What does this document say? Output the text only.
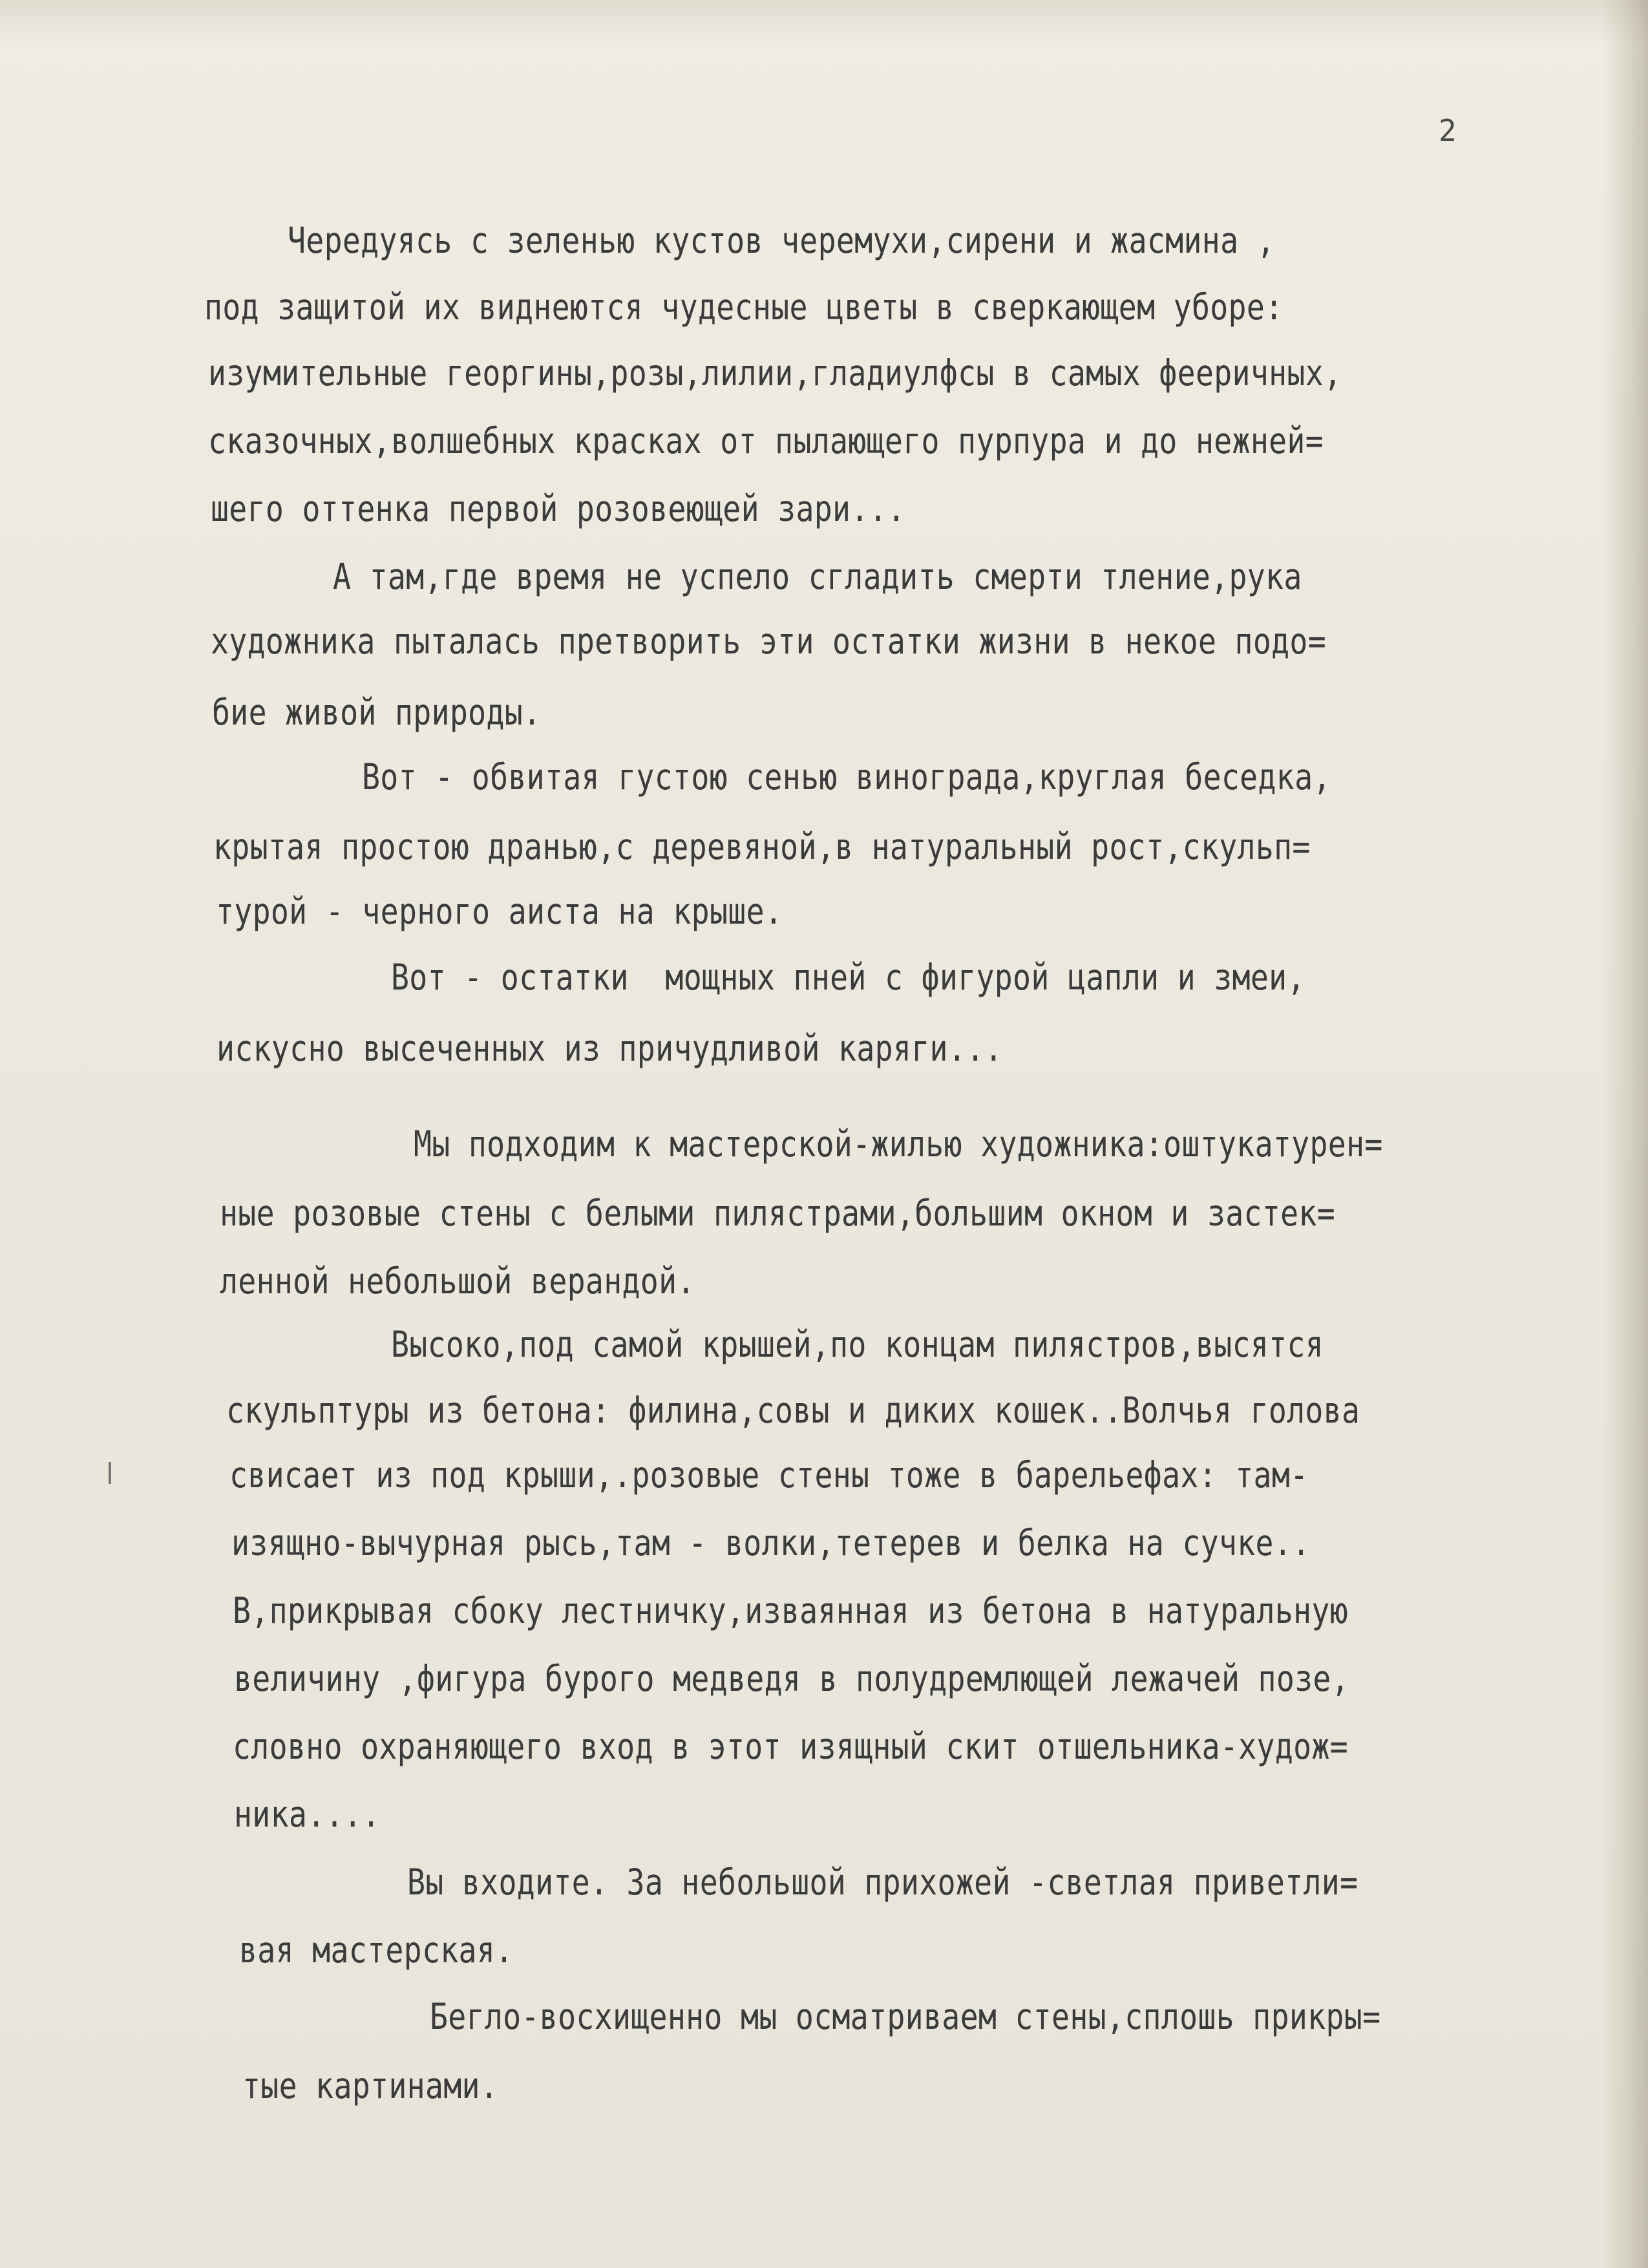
2
Чередуясь с зеленью кустов черемухи,сирени и жасмина ,
под защитой их виднеются чудесные цветы в сверкающем уборе:
изумительные георгины,розы,лилии,гладиулфсы в самых фееричных,
сказочных,волшебных красках от пылающего пурпура и до нежней=
шего оттенка первой розовеющей зари...
А там,где время не успело сгладить смерти тление,рука
художника пыталась претворить эти остатки жизни в некое подо=
бие живой природы.
Вот - обвитая густою сенью винограда,круглая беседка,
крытая простою дранью,с деревяной,в натуральный рост,скульп=
турой - черного аиста на крыше.
Вот - остатки  мощных пней с фигурой цапли и змеи,
искусно высеченных из причудливой каряги...
Мы подходим к мастерской-жилью художника:оштукатурен=
ные розовые стены с белыми пилястрами,большим окном и застек=
ленной небольшой верандой.
Высоко,под самой крышей,по концам пилястров,высятся
скульптуры из бетона: филина,совы и диких кошек..Волчья голова
свисает из под крыши,.розовые стены тоже в барельефах: там-
изящно-вычурная рысь,там - волки,тетерев и белка на сучке..
В,прикрывая сбоку лестничку,изваянная из бетона в натуральную
величину ,фигура бурого медведя в полудремлющей лежачей позе,
словно охраняющего вход в этот изящный скит отшельника-худож=
ника....
Вы входите. За небольшой прихожей -светлая приветли=
вая мастерская.
Бегло-восхищенно мы осматриваем стены,сплошь прикры=
тые картинами.
